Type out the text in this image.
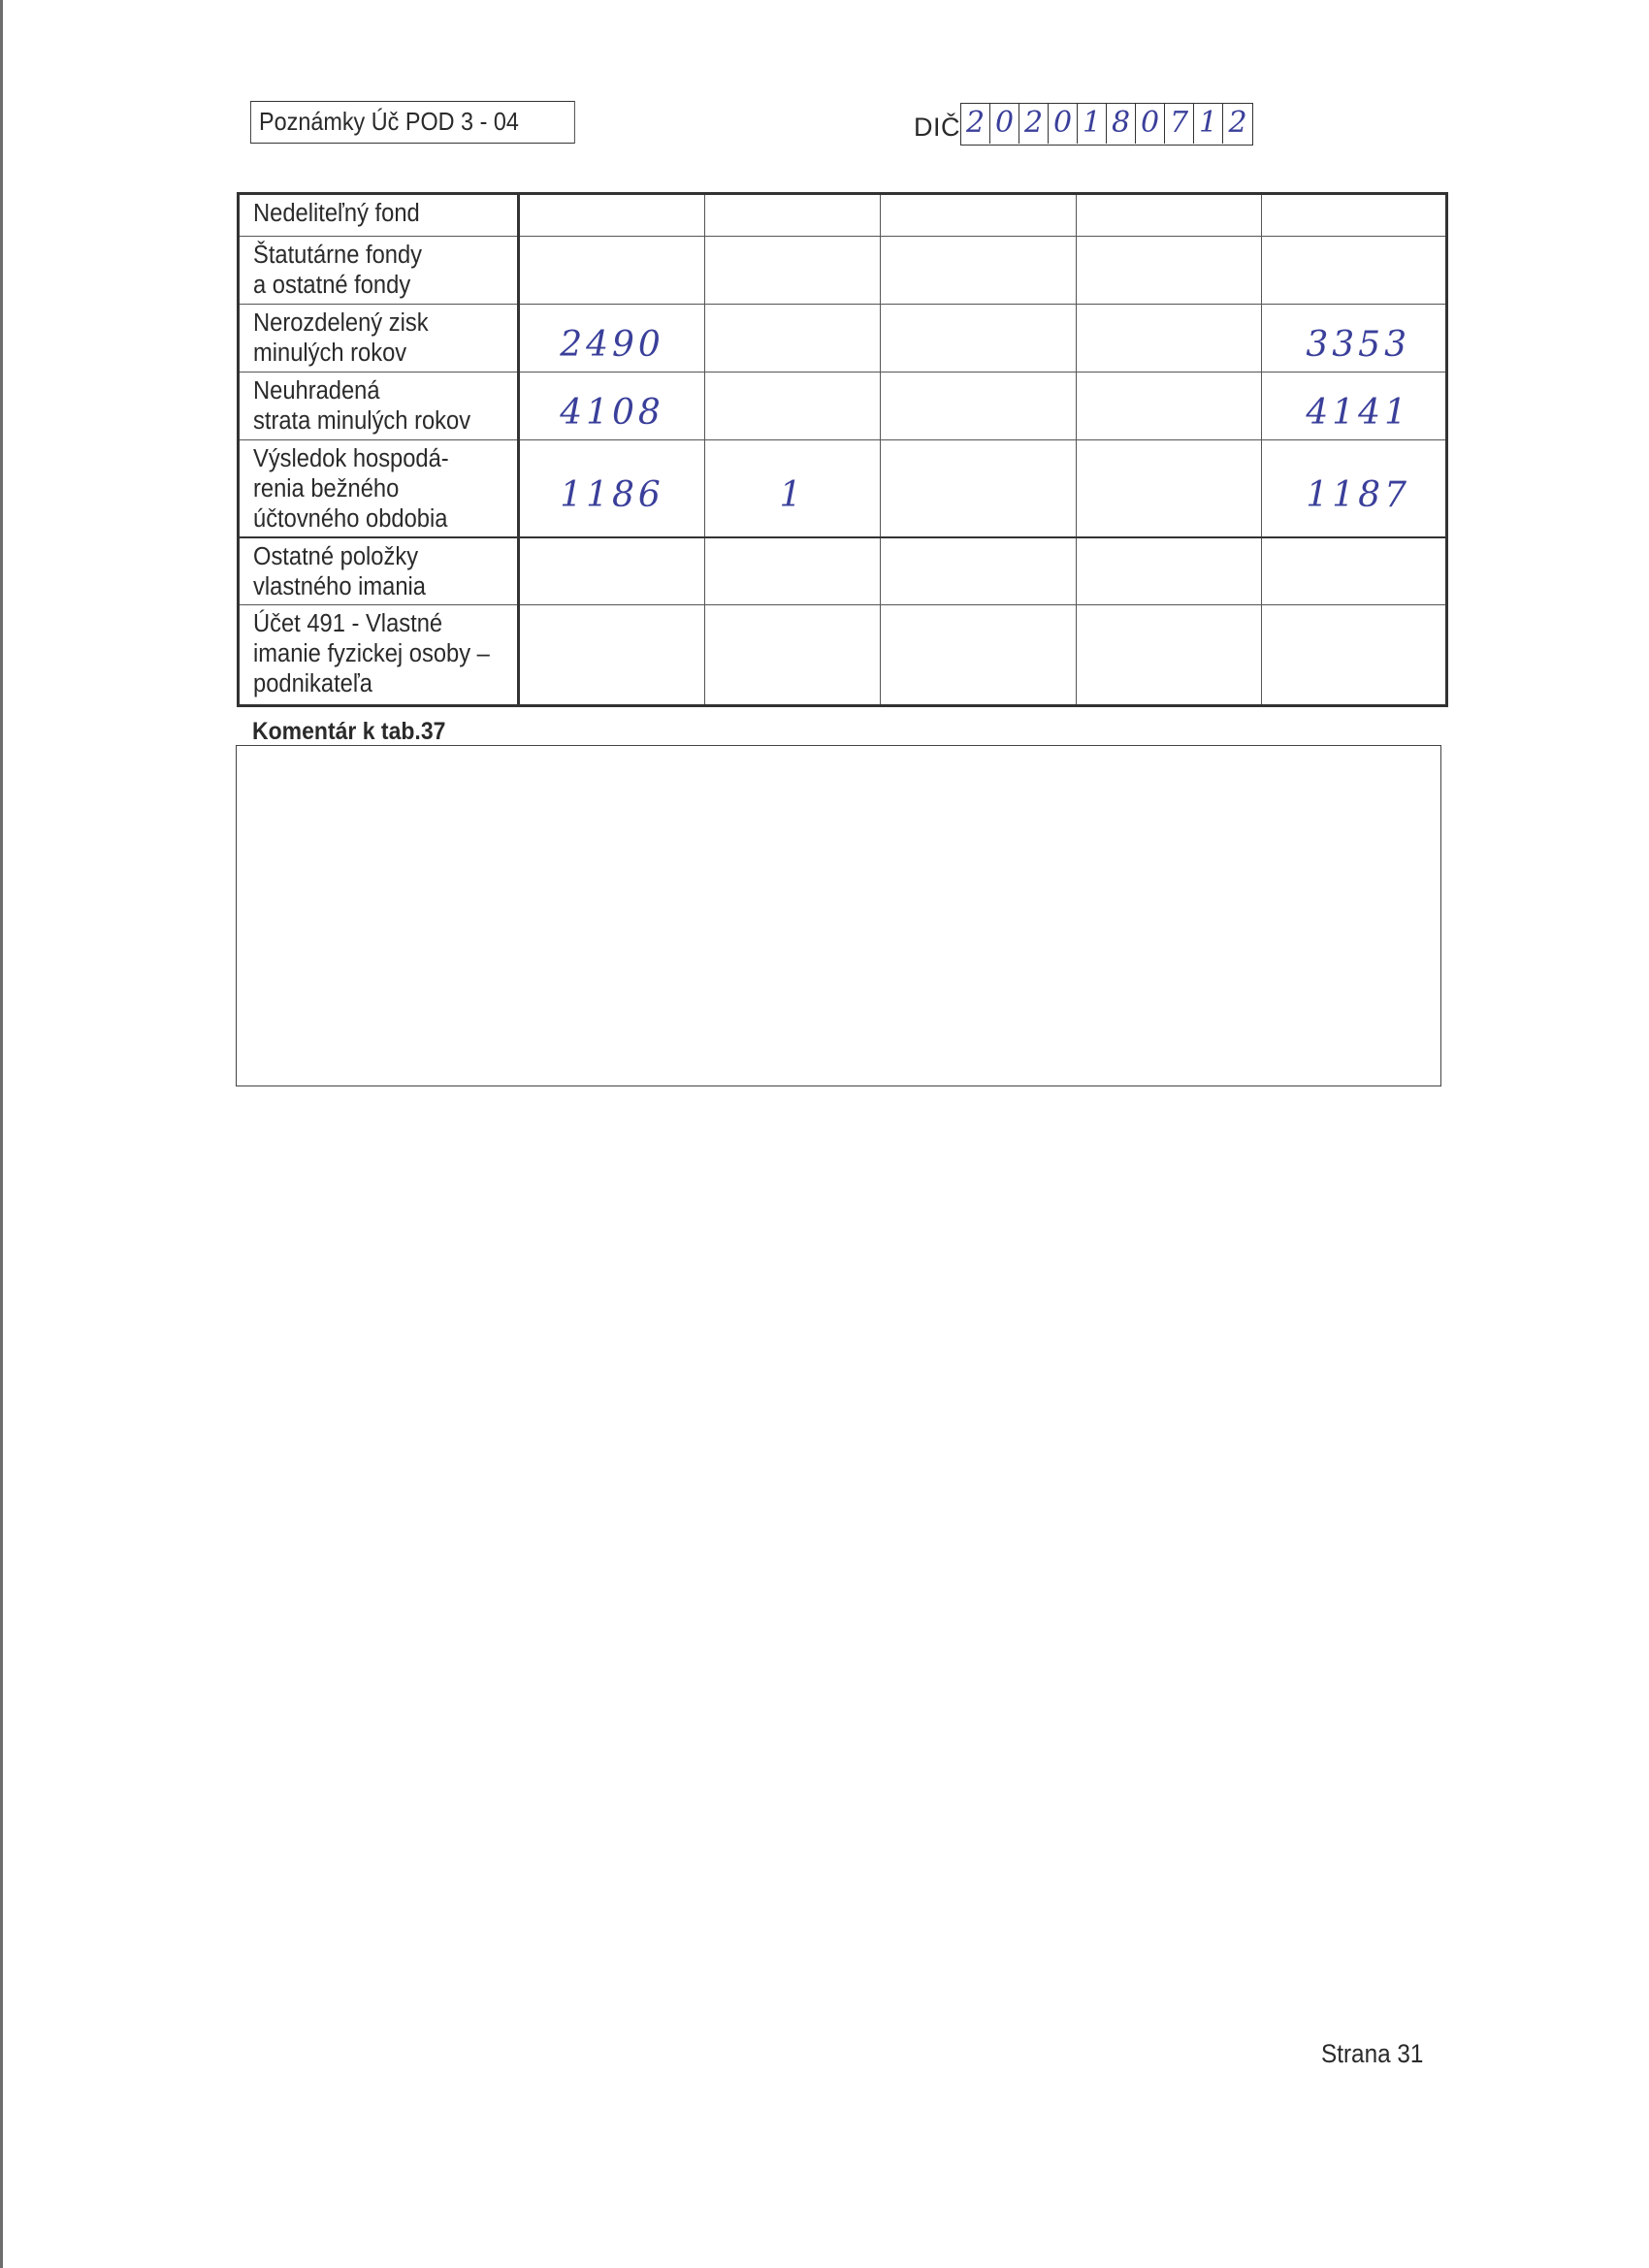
Poznámky Úč POD 3 - 04	DIČ 2 0 2 0 1 8 0 7 1 2
Nedeliteľný fond					

Štatutárne fondy
a ostatné fondy					

Nerozdelený zisk
minulých rokov	2490				3353

Neuhradená
strata minulých rokov	4108				4141

Výsledok hospodá-
renia bežného
účtovného obdobia	1186	1			1187

Ostatné položky
vlastného imania					

Účet 491 - Vlastné
imanie fyzickej osoby –
podnikateľa					

Komentár k tab.37
Strana 31
